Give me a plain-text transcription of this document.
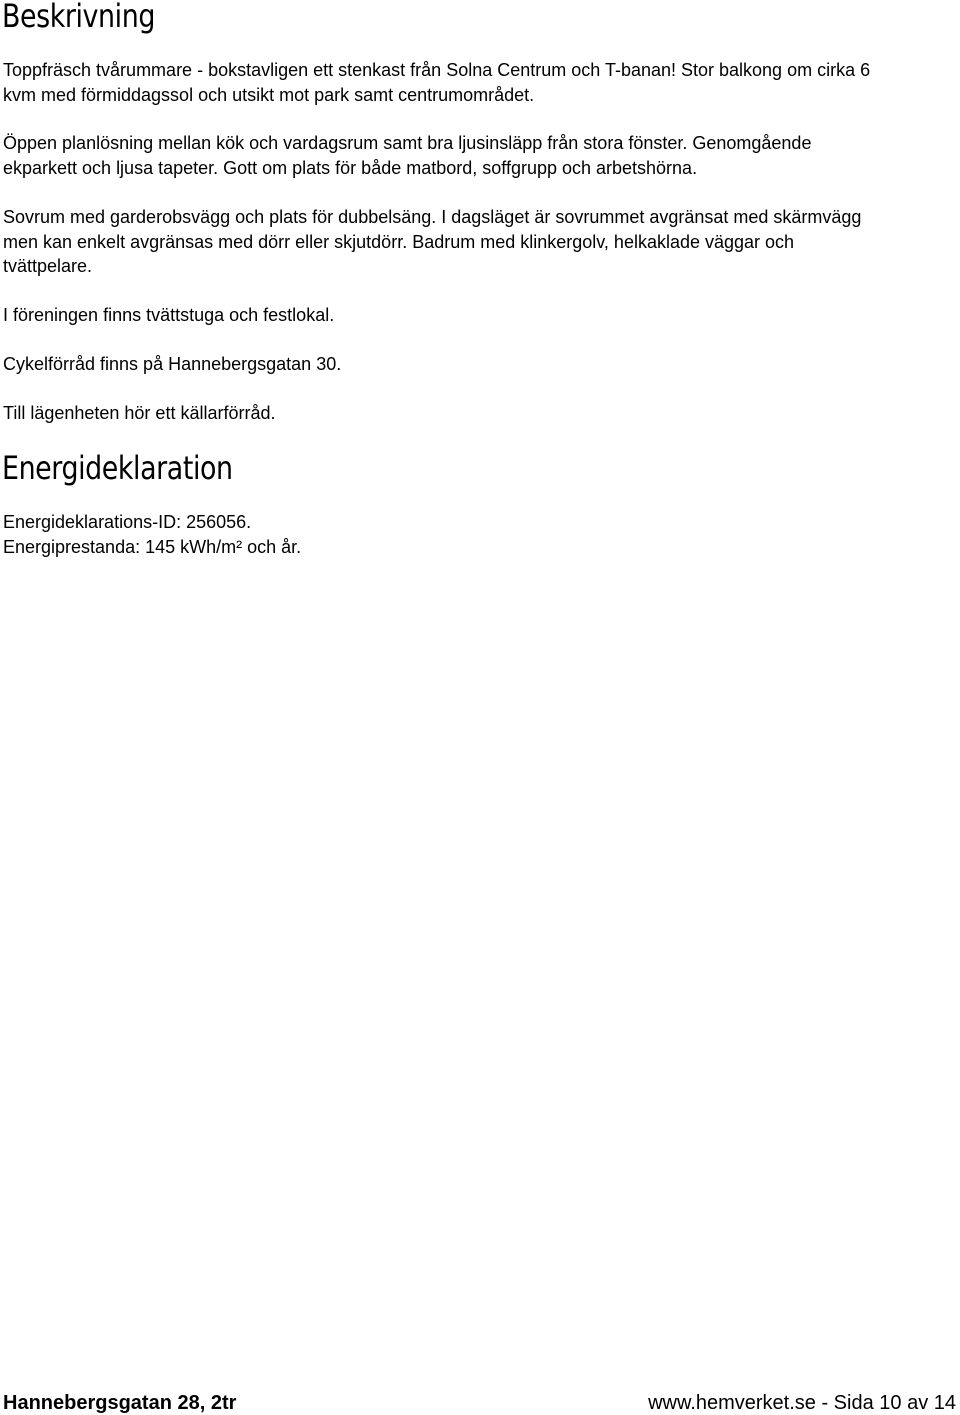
Beskrivning

Toppfräsch tvårummare - bokstavligen ett stenkast från Solna Centrum och T-banan! Stor balkong om cirka 6
kvm med förmiddagssol och utsikt mot park samt centrumområdet.

Öppen planlösning mellan kök och vardagsrum samt bra ljusinsläpp från stora fönster. Genomgående
ekparkett och ljusa tapeter. Gott om plats för både matbord, soffgrupp och arbetshörna.

Sovrum med garderobsvägg och plats för dubbelsäng. I dagsläget är sovrummet avgränsat med skärmvägg
men kan enkelt avgränsas med dörr eller skjutdörr. Badrum med klinkergolv, helkaklade väggar och
tvättpelare.

I föreningen finns tvättstuga och festlokal.

Cykelförråd finns på Hannebergsgatan 30.

Till lägenheten hör ett källarförråd.

Energideklaration

Energideklarations-ID: 256056.
Energiprestanda: 145 kWh/m² och år.

Hannebergsgatan 28, 2tr	www.hemverket.se - Sida 10 av 14
